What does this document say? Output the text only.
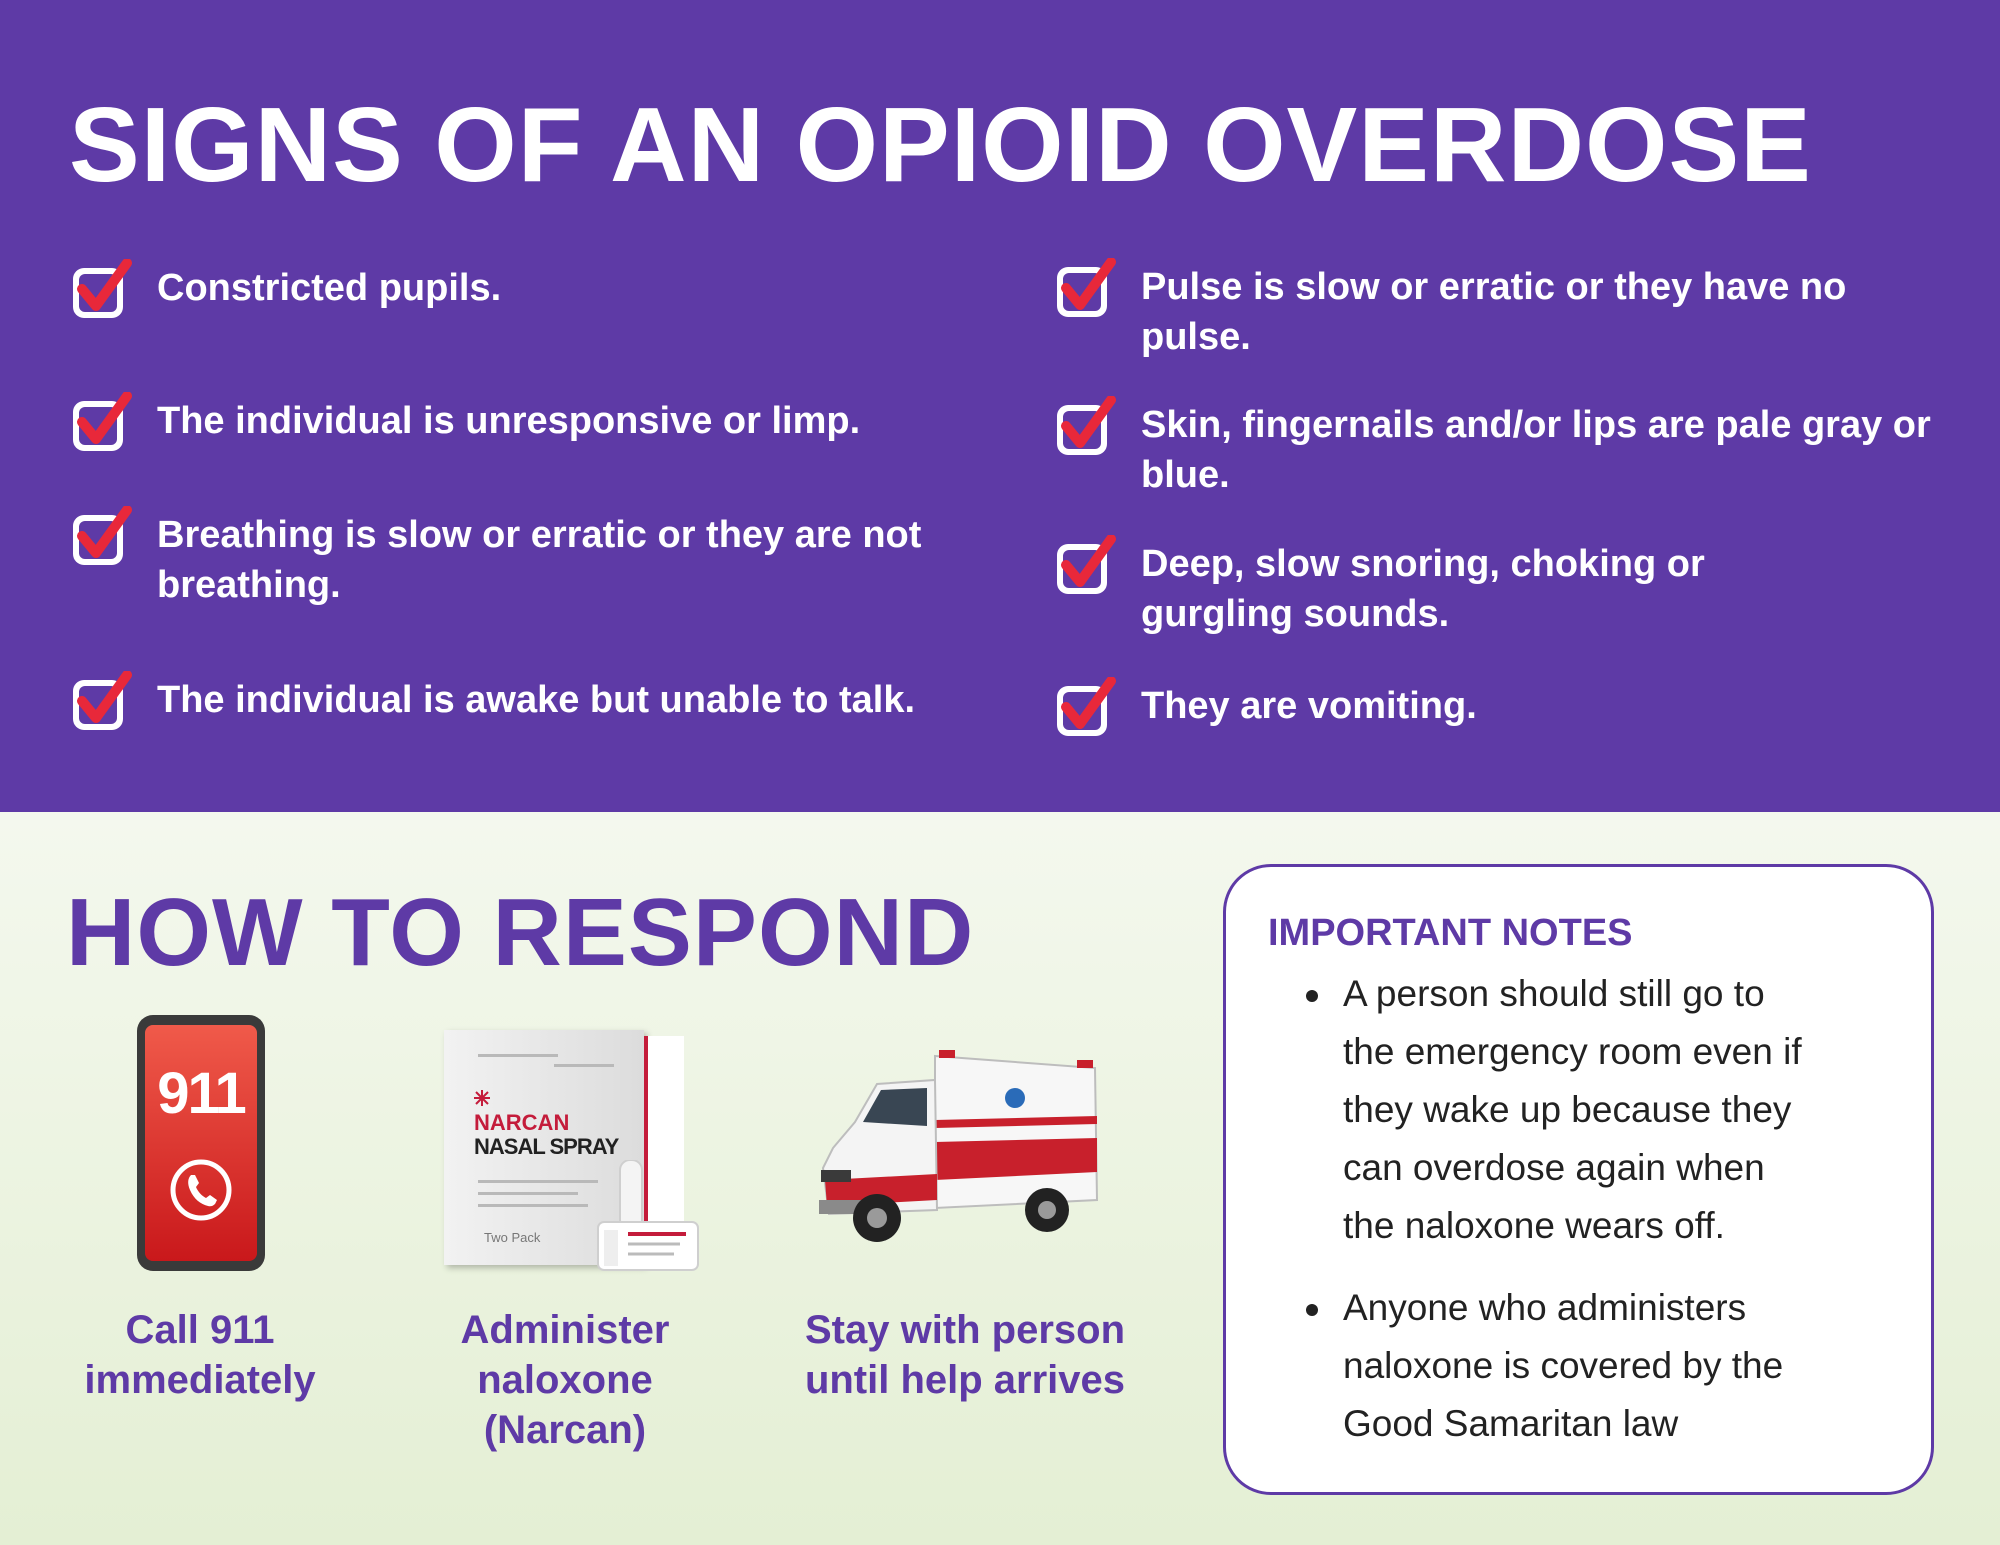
SIGNS OF AN OPIOID OVERDOSE
Constricted pupils.
The individual is unresponsive or limp.
Breathing is slow or erratic or they are not breathing.
The individual is awake but unable to talk.
Pulse is slow or erratic or they have no pulse.
Skin, fingernails and/or lips are pale gray or blue.
Deep, slow snoring, choking or gurgling sounds.
They are vomiting.
HOW TO RESPOND
911
Call 911 immediately
NARCAN
NASAL SPRAY
Two Pack
Administer naloxone (Narcan)
Stay with person until help arrives
IMPORTANT NOTES
A person should still go to the emergency room even if they wake up because they can overdose again when the naloxone wears off.
Anyone who administers naloxone is covered by the Good Samaritan law
